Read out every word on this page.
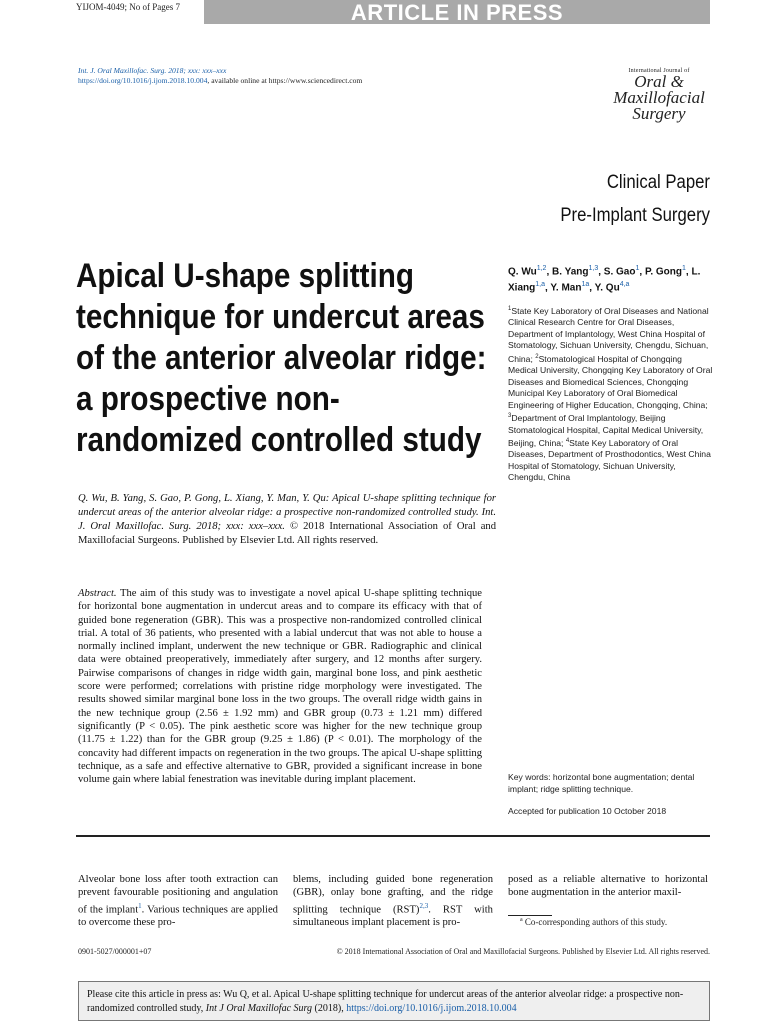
YIJOM-4049; No of Pages 7	ARTICLE IN PRESS
Int. J. Oral Maxillofac. Surg. 2018; xxx: xxx–xxx
https://doi.org/10.1016/j.ijom.2018.10.004, available online at https://www.sciencedirect.com
International Journal of
Oral &
Maxillofacial
Surgery
Clinical Paper
Pre-Implant Surgery
Apical U-shape splitting technique for undercut areas of the anterior alveolar ridge: a prospective non-randomized controlled study

Q. Wu, B. Yang, S. Gao, P. Gong, L. Xiang, Y. Man, Y. Qu: Apical U-shape splitting technique for undercut areas of the anterior alveolar ridge: a prospective non-randomized controlled study. Int. J. Oral Maxillofac. Surg. 2018; xxx: xxx–xxx. © 2018 International Association of Oral and Maxillofacial Surgeons. Published by Elsevier Ltd. All rights reserved.

Abstract. The aim of this study was to investigate a novel apical U-shape splitting technique for horizontal bone augmentation in undercut areas and to compare its efficacy with that of guided bone regeneration (GBR). This was a prospective non-randomized controlled clinical trial. A total of 36 patients, who presented with a labial undercut that was not able to house a normally inclined implant, underwent the new technique or GBR. Radiographic and clinical data were obtained preoperatively, immediately after surgery, and 12 months after surgery. Pairwise comparisons of changes in ridge width gain, marginal bone loss, and pink aesthetic score were performed; correlations with pristine ridge morphology were investigated. The results showed similar marginal bone loss in the two groups. The overall ridge width gains in the new technique group (2.56 ± 1.92 mm) and GBR group (0.73 ± 1.21 mm) differed significantly (P < 0.05). The pink aesthetic score was higher for the new technique group (11.75 ± 1.22) than for the GBR group (9.25 ± 1.86) (P < 0.01). The morphology of the concavity had different impacts on regeneration in the two groups. The apical U-shape splitting technique, as a safe and effective alternative to GBR, provided a significant increase in bone volume gain where labial fenestration was inevitable during implant placement.

Q. Wu$^{1,2}$, B. Yang$^{1,3}$, S. Gao$^1$, P. Gong$^1$, L. Xiang$^{1,a}$, Y. Man$^{1a}$, Y. Qu$^{4,a}$
$^1$State Key Laboratory of Oral Diseases and National Clinical Research Centre for Oral Diseases, Department of Implantology, West China Hospital of Stomatology, Sichuan University, Chengdu, Sichuan, China; $^2$Stomatological Hospital of Chongqing Medical University, Chongqing Key Laboratory of Oral Diseases and Biomedical Sciences, Chongqing Municipal Key Laboratory of Oral Biomedical Engineering of Higher Education, Chongqing, China; $^3$Department of Oral Implantology, Beijing Stomatological Hospital, Capital Medical University, Beijing, China; $^4$State Key Laboratory of Oral Diseases, Department of Prosthodontics, West China Hospital of Stomatology, Sichuan University, Chengdu, China
Key words: horizontal bone augmentation; dental implant; ridge splitting technique.
Accepted for publication 10 October 2018

Alveolar bone loss after tooth extraction can prevent favourable positioning and angulation of the implant$^1$. Various techniques are applied to overcome these pro-

blems, including guided bone regeneration (GBR), onlay bone grafting, and the ridge splitting technique (RST)$^{2,3}$. RST with simultaneous implant placement is pro-

posed as a reliable alternative to horizontal bone augmentation in the anterior maxil-

$^a$ Co-corresponding authors of this study.
0901-5027/000001+07	© 2018 International Association of Oral and Maxillofacial Surgeons. Published by Elsevier Ltd. All rights reserved.
Please cite this article in press as: Wu Q, et al. Apical U-shape splitting technique for undercut areas of the anterior alveolar ridge: a prospective non-randomized controlled study, Int J Oral Maxillofac Surg (2018), https://doi.org/10.1016/j.ijom.2018.10.004
